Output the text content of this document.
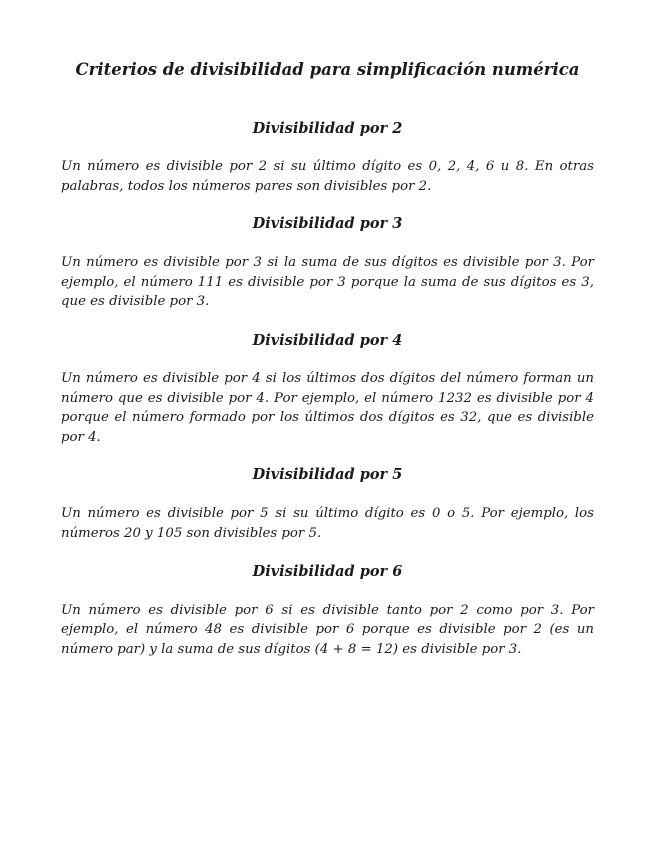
Criterios de divisibilidad para simplificación numérica
Divisibilidad por 2

Un número es divisible por 2 si su último dígito es 0, 2, 4, 6 u 8. En otras palabras, todos los números pares son divisibles por 2.

Divisibilidad por 3

Un número es divisible por 3 si la suma de sus dígitos es divisible por 3. Por ejemplo, el número 111 es divisible por 3 porque la suma de sus dígitos es 3, que es divisible por 3.

Divisibilidad por 4

Un número es divisible por 4 si los últimos dos dígitos del número forman un número que es divisible por 4. Por ejemplo, el número 1232 es divisible por 4 porque el número formado por los últimos dos dígitos es 32, que es divisible por 4.

Divisibilidad por 5

Un número es divisible por 5 si su último dígito es 0 o 5. Por ejemplo, los números 20 y 105 son divisibles por 5.

Divisibilidad por 6

Un número es divisible por 6 si es divisible tanto por 2 como por 3. Por ejemplo, el número 48 es divisible por 6 porque es divisible por 2 (es un número par) y la suma de sus dígitos (4 + 8 = 12) es divisible por 3.
